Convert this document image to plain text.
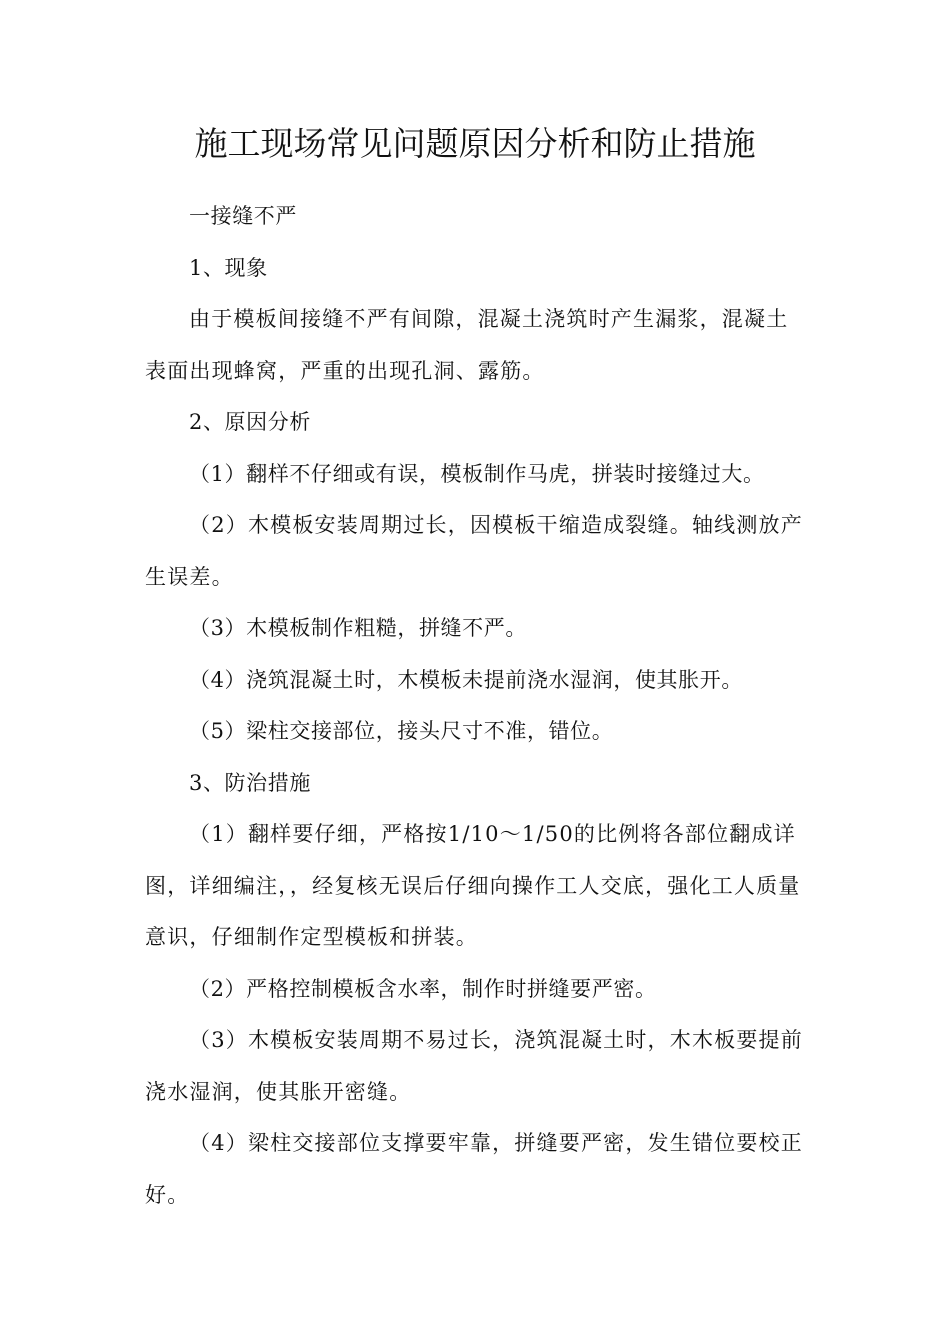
施工现场常见问题原因分析和防止措施

一接缝不严

1、现象

由于模板间接缝不严有间隙，混凝土浇筑时产生漏浆，混凝土表面出现蜂窝，严重的出现孔洞、露筋。

2、原因分析

（1）翻样不仔细或有误，模板制作马虎，拼装时接缝过大。

（2）木模板安装周期过长，因模板干缩造成裂缝。轴线测放产生误差。

（3）木模板制作粗糙，拼缝不严。

（4）浇筑混凝土时，木模板未提前浇水湿润，使其胀开。

（5）梁柱交接部位，接头尺寸不准，错位。

3、防治措施

（1）翻样要仔细，严格按1/10～1/50的比例将各部位翻成详图，详细编注，，经复核无误后仔细向操作工人交底，强化工人质量意识，仔细制作定型模板和拼装。

（2）严格控制模板含水率，制作时拼缝要严密。

（3）木模板安装周期不易过长，浇筑混凝土时，木木板要提前浇水湿润，使其胀开密缝。

（4）梁柱交接部位支撑要牢靠，拼缝要严密，发生错位要校正好。
